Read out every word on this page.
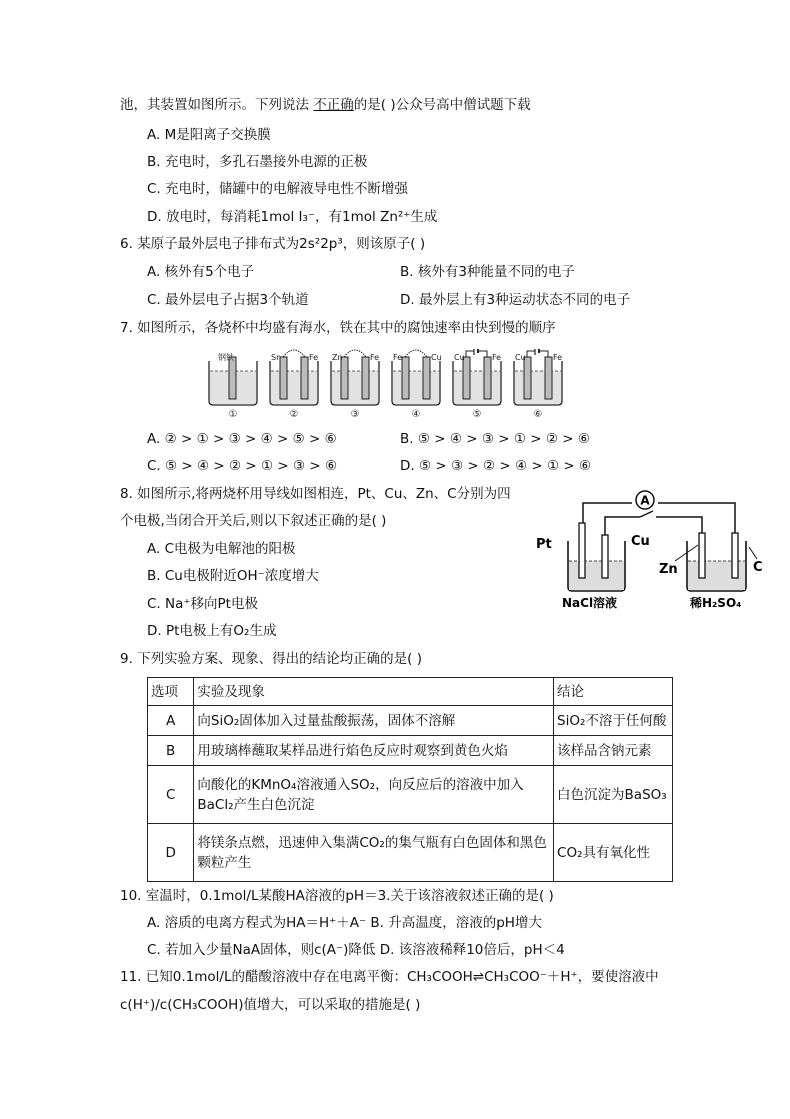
池，其装置如图所示。下列说法 不正确的是( )公众号高中僧试题下载
A. M是阳离子交换膜
B. 充电时，多孔石墨接外电源的正极
C. 充电时，储罐中的电解液导电性不断增强
D. 放电时，每消耗1mol I₃⁻，有1mol Zn²⁺生成
6. 某原子最外层电子排布式为2s²2p³，则该原子( )
A. 核外有5个电子	B. 核外有3种能量不同的电子
C. 最外层电子占据3个轨道	D. 最外层上有3种运动状态不同的电子
7. 如图所示，各烧杯中均盛有海水，铁在其中的腐蚀速率由快到慢的顺序
钢铁
①
Sn	Fe
②
Zn	Fe
③
Fe	Cu
④
Cu	Fe
⑤
Cu	Fe
⑥
A. ② > ① > ③ > ④ > ⑤ > ⑥	B. ⑤ > ④ > ③ > ① > ② > ⑥
C. ⑤ > ④ > ② > ① > ③ > ⑥	D. ⑤ > ③ > ② > ④ > ① > ⑥
8. 如图所示,将两烧杯用导线如图相连，Pt、Cu、Zn、C分别为四
个电极,当闭合开关后,则以下叙述正确的是( )
A. C电极为电解池的阳极
B. Cu电极附近OH⁻浓度增大
C. Na⁺移向Pt电极
D. Pt电极上有O₂生成
A
Pt	Cu
Zn	C
NaCl溶液	稀H₂SO₄
9. 下列实验方案、现象、得出的结论均正确的是( )
选项	实验及现象	结论
A	向SiO₂固体加入过量盐酸振荡，固体不溶解	SiO₂不溶于任何酸
B	用玻璃棒蘸取某样品进行焰色反应时观察到黄色火焰	该样品含钠元素
C	向酸化的KMnO₄溶液通入SO₂，向反应后的溶液中加入BaCl₂产生白色沉淀	白色沉淀为BaSO₃
D	将镁条点燃，迅速伸入集满CO₂的集气瓶有白色固体和黑色颗粒产生	CO₂具有氧化性
10. 室温时，0.1mol/L某酸HA溶液的pH＝3.关于该溶液叙述正确的是( )
A. 溶质的电离方程式为HA＝H⁺＋A⁻ B. 升高温度，溶液的pH增大
C. 若加入少量NaA固体，则c(A⁻)降低 D. 该溶液稀释10倍后，pH＜4
11. 已知0.1mol/L的醋酸溶液中存在电离平衡：CH₃COOH⇌CH₃COO⁻＋H⁺，要使溶液中
c(H⁺)/c(CH₃COOH)值增大，可以采取的措施是( )
